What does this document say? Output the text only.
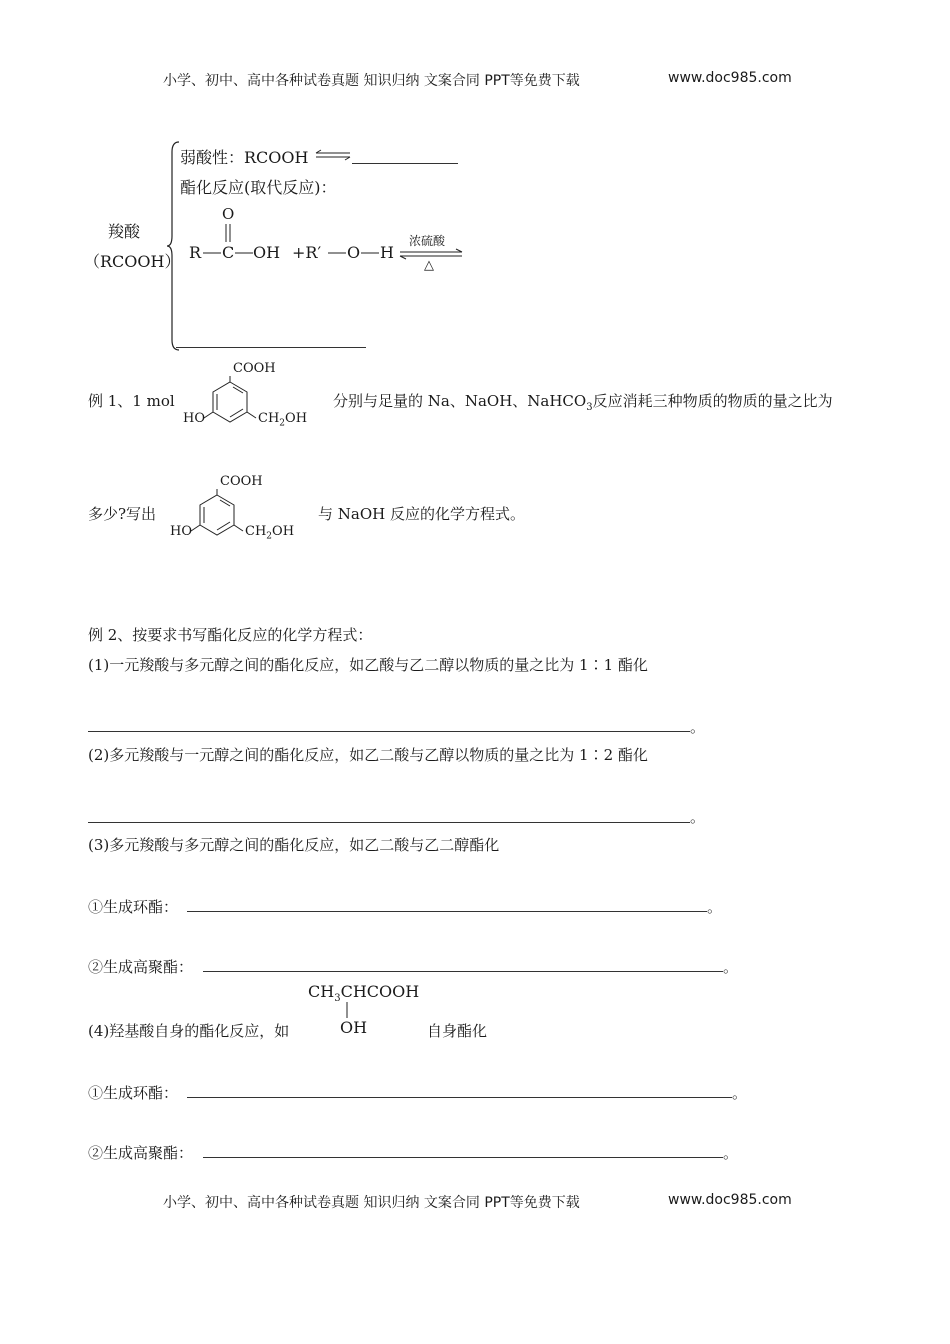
小学、初中、高中各种试卷真题 知识归纳 文案合同 PPT等免费下载	www.doc985.com
羧酸
（RCOOH）
弱酸性：RCOOH ⇌
酯化反应(取代反应)：
O
R C OH +R′ O H
浓硫酸
△
例 1、1 mol
COOH
HO	$CH_2OH$
分别与足量的 Na、NaOH、NaHCO$_3$反应消耗三种物质的物质的量之比为
多少?写出
COOH
HO	$CH_2OH$
与 NaOH 反应的化学方程式。
例 2、按要求书写酯化反应的化学方程式：
(1)一元羧酸与多元醇之间的酯化反应，如乙酸与乙二醇以物质的量之比为 1∶1 酯化
。
(2)多元羧酸与一元醇之间的酯化反应，如乙二酸与乙醇以物质的量之比为 1∶2 酯化
。
(3)多元羧酸与多元醇之间的酯化反应，如乙二酸与乙二醇酯化
①生成环酯：	。
②生成高聚酯：	。
(4)羟基酸自身的酯化反应，如
$CH_3CHCOOH$
OH	自身酯化
①生成环酯：	。
②生成高聚酯：	。
小学、初中、高中各种试卷真题 知识归纳 文案合同 PPT等免费下载	www.doc985.com
